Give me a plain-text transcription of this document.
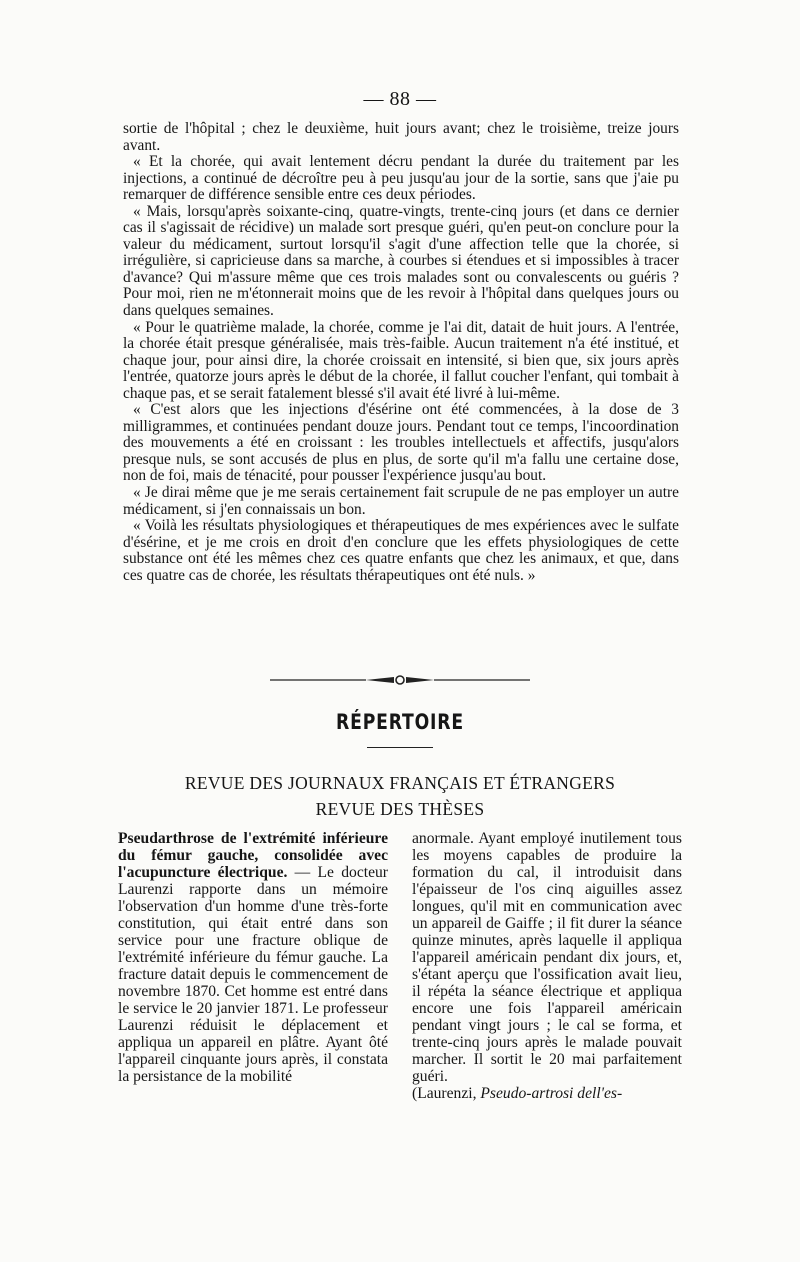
— 88 —

sortie de l'hôpital ; chez le deuxième, huit jours avant; chez le troisième, treize jours avant.

« Et la chorée, qui avait lentement décru pendant la durée du traitement par les injections, a continué de décroître peu à peu jusqu'au jour de la sortie, sans que j'aie pu remarquer de différence sensible entre ces deux périodes.

« Mais, lorsqu'après soixante-cinq, quatre-vingts, trente-cinq jours (et dans ce dernier cas il s'agissait de récidive) un malade sort presque guéri, qu'en peut-on conclure pour la valeur du médicament, surtout lorsqu'il s'agit d'une affection telle que la chorée, si irrégulière, si capricieuse dans sa marche, à courbes si étendues et si impossibles à tracer d'avance? Qui m'assure même que ces trois malades sont ou convalescents ou guéris ? Pour moi, rien ne m'étonnerait moins que de les revoir à l'hôpital dans quelques jours ou dans quelques semaines.

« Pour le quatrième malade, la chorée, comme je l'ai dit, datait de huit jours. A l'entrée, la chorée était presque généralisée, mais très-faible. Aucun traitement n'a été institué, et chaque jour, pour ainsi dire, la chorée croissait en intensité, si bien que, six jours après l'entrée, quatorze jours après le début de la chorée, il fallut coucher l'enfant, qui tombait à chaque pas, et se serait fatalement blessé s'il avait été livré à lui-même.

« C'est alors que les injections d'ésérine ont été commencées, à la dose de 3 milligrammes, et continuées pendant douze jours. Pendant tout ce temps, l'incoordination des mouvements a été en croissant : les troubles intellectuels et affectifs, jusqu'alors presque nuls, se sont accusés de plus en plus, de sorte qu'il m'a fallu une certaine dose, non de foi, mais de ténacité, pour pousser l'expérience jusqu'au bout.

« Je dirai même que je me serais certainement fait scrupule de ne pas employer un autre médicament, si j'en connaissais un bon.

« Voilà les résultats physiologiques et thérapeutiques de mes expériences avec le sulfate d'ésérine, et je me crois en droit d'en conclure que les effets physiologiques de cette substance ont été les mêmes chez ces quatre enfants que chez les animaux, et que, dans ces quatre cas de chorée, les résultats thérapeutiques ont été nuls. »

RÉPERTOIRE
REVUE DES JOURNAUX FRANÇAIS ET ÉTRANGERS
REVUE DES THÈSES

Pseudarthrose de l'extrémité inférieure du fémur gauche, consolidée avec l'acupuncture électrique. — Le docteur Laurenzi rapporte dans un mémoire l'observation d'un homme d'une très-forte constitution, qui était entré dans son service pour une fracture oblique de l'extrémité inférieure du fémur gauche. La fracture datait depuis le commencement de novembre 1870. Cet homme est entré dans le service le 20 janvier 1871. Le professeur Laurenzi réduisit le déplacement et appliqua un appareil en plâtre. Ayant ôté l'appareil cinquante jours après, il constata la persistance de la mobilité

anormale. Ayant employé inutilement tous les moyens capables de produire la formation du cal, il introduisit dans l'épaisseur de l'os cinq aiguilles assez longues, qu'il mit en communication avec un appareil de Gaiffe ; il fit durer la séance quinze minutes, après laquelle il appliqua l'appareil américain pendant dix jours, et, s'étant aperçu que l'ossification avait lieu, il répéta la séance électrique et appliqua encore une fois l'appareil américain pendant vingt jours ; le cal se forma, et trente-cinq jours après le malade pouvait marcher. Il sortit le 20 mai parfaitement guéri.

(Laurenzi, Pseudo-artrosi dell'es-
